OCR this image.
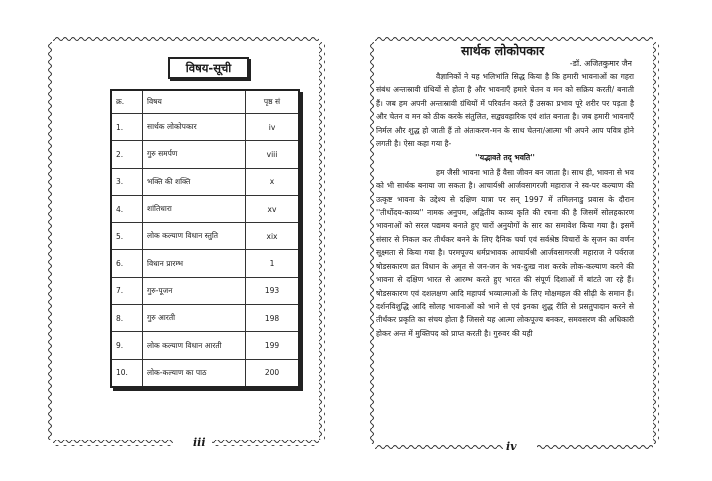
विषय-सूची
क्र.	विषय	पृष्ठ सं
1.	सार्थक लोकोपकार	iv
2.	गुरु समर्पण	viii
3.	भक्ति की शक्ति	x
4.	शांतिधारा	xv
5.	लोक कल्याण विधान स्तुति	xix
6.	विधान प्रारम्भ	1
7.	गुरु-पूजन	193
8.	गुरु आरती	198
9.	लोक कल्याण विधान आरती	199
10.	लोक-कल्याण का पाठ	200
iii
सार्थक लोकोपकार
-डॉ. अजितकुमार जैन

वैज्ञानिकों ने यह भलिभांति सिद्ध किया है कि हमारी भावनाओं का गहरा संबंध अन्तःस्रावी ग्रंथियों से होता है और भावनाएँ हमारे चेतन व मन को सक्रिय करती/ बनाती हैं। जब हम अपनी अन्तःस्रावी ग्रंथियों में परिवर्तन करते हैं उसका प्रभाव पूरे शरीर पर पड़ता है और चेतन व मन को ठीक करके संतुलित, सद्व्यवहारिक एवं शांत बनाता है। जब हमारी भावनाएँ निर्मल और शुद्ध हो जाती हैं तो अंतःकरण-मन के साथ चेतना/आत्मा भी अपने आप पवित्र होने लगती है। ऐसा कहा गया है-

''यद्भावते तद् भवति''

हम जैसी भावना भाते हैं वैसा जीवन बन जाता है। साथ ही, भावना से भव को भी सार्थक बनाया जा सकता है। आचार्यश्री आर्जवसागरजी महाराज ने स्व-पर कल्याण की उत्कृष्ट भावना के उद्देश्य से दक्षिण यात्रा पर सन् 1997 में तमिलनाडु प्रवास के दौरान ''तीर्थोदय-काव्य'' नामक अनुपम, अद्वितीय काव्य कृति की रचना की है जिसमें सोलहकारण भावनाओं को सरल पद्यमय बनाते हुए चारों अनुयोगों के सार का समावेश किया गया है। इसमें संसार से निकल कर तीर्थंकर बनने के लिए दैनिक चर्या एवं सर्वश्रेष्ठ विचारों के सृजन का वर्णन सूक्ष्मता से किया गया है। परमपूज्य धर्मप्रभावक आचार्यश्री आर्जवसागरजी महाराज ने पर्वराज षोडसकारण व्रत विधान के अमृत से जन-जन के भव-दुःख नाश करके लोक-कल्याण करने की भावना से दक्षिण भारत से आरम्भ करते हुए भारत की संपूर्ण दिशाओं में बांटते जा रहे हैं। षोडसकारण एवं दशलक्षण आदि महापर्व भव्यात्माओं के लिए मोक्षमहल की सीढ़ी के समान हैं। दर्शनविशुद्धि आदि सोलह भावनाओं को भाने से एवं इनका शुद्ध रीति से प्रसतुपादान करने से तीर्थंकर प्रकृति का संचय होता है जिससे यह आत्मा लोकपूज्य बनकर, समवसरण की अधिकारी होकर अन्त में मुक्तिपद को प्राप्त करती है। गुरुवर की यही

iv
